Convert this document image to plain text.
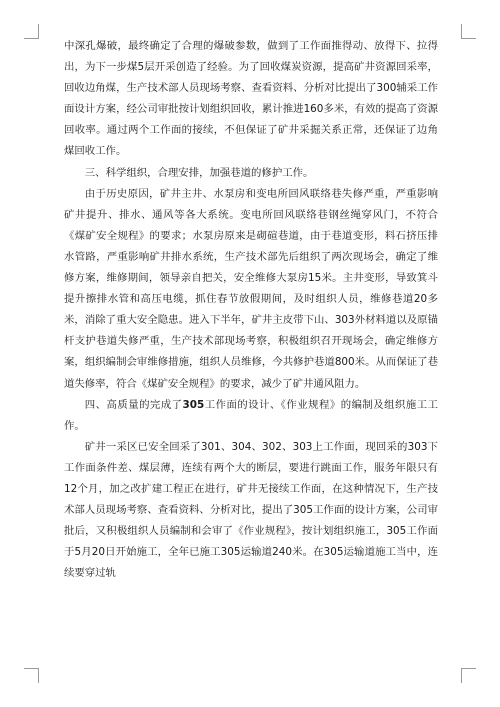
中深孔爆破，最终确定了合理的爆破参数，做到了工作面推得动、放得下、拉得出，为下一步煤5层开采创造了经验。为了回收煤炭资源，提高矿井资源回采率，回收边角煤，生产技术部人员现场考察、查看资料、分析对比提出了300辅采工作面设计方案，经公司审批按计划组织回收，累计推进160多米，有效的提高了资源回收率。通过两个工作面的接续，不但保证了矿井采掘关系正常，还保证了边角煤回收工作。

三、科学组织，合理安排，加强巷道的修护工作。

由于历史原因，矿井主井、水泵房和变电所回风联络巷失修严重，严重影响矿井提升、排水、通风等各大系统。变电所回风联络巷钢丝绳穿风门，不符合《煤矿安全规程》的要求；水泵房原来是砌碹巷道，由于巷道变形，料石挤压排水管路，严重影响矿井排水系统，生产技术部先后组织了两次现场会，确定了维修方案，维修期间，领导亲自把关，安全维修大泵房15米。主井变形，导致箕斗提升擦排水管和高压电缆，抓住春节放假期间，及时组织人员，维修巷道20多米，消除了重大安全隐患。进入下半年，矿井主皮带下山、303外材料道以及原锚杆支护巷道失修严重，生产技术部现场考察，积极组织召开现场会，确定维修方案，组织编制会审维修措施，组织人员维修，今共修护巷道800米。从而保证了巷道失修率，符合《煤矿安全规程》的要求，减少了矿井通风阻力。

四、高质量的完成了305工作面的设计、《作业规程》的编制及组织施工工作。

矿井一采区已安全回采了301、304、302、303上工作面，现回采的303下工作面条件差、煤层薄，连续有两个大的断层，要进行跳面工作，服务年限只有12个月，加之改扩建工程正在进行，矿井无接续工作面，在这种情况下，生产技术部人员现场考察、查看资料、分析对比，提出了305工作面的设计方案，公司审批后，又积极组织人员编制和会审了《作业规程》，按计划组织施工，305工作面于5月20日开始施工，全年已施工305运输道240米。在305运输道施工当中，连续要穿过轨
